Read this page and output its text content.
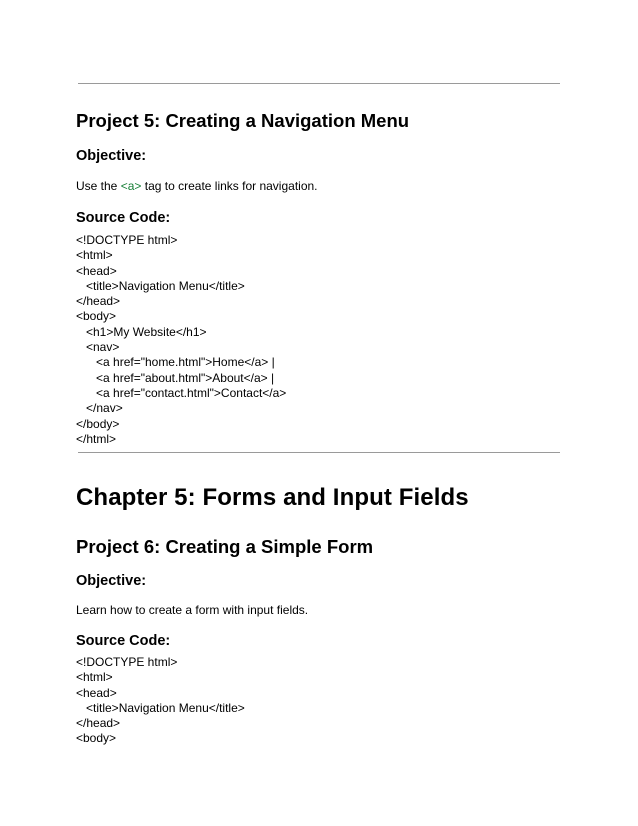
Project 5: Creating a Navigation Menu
Objective:
Use the <a> tag to create links for navigation.
Source Code:
<!DOCTYPE html>
<html>
<head>
<title>Navigation Menu</title>
</head>
<body>
<h1>My Website</h1>
<nav>
<a href="home.html">Home</a> |
<a href="about.html">About</a> |
<a href="contact.html">Contact</a>
</nav>
</body>
</html>
Chapter 5: Forms and Input Fields
Project 6: Creating a Simple Form
Objective:
Learn how to create a form with input fields.
Source Code:
<!DOCTYPE html>
<html>
<head>
<title>Navigation Menu</title>
</head>
<body>
